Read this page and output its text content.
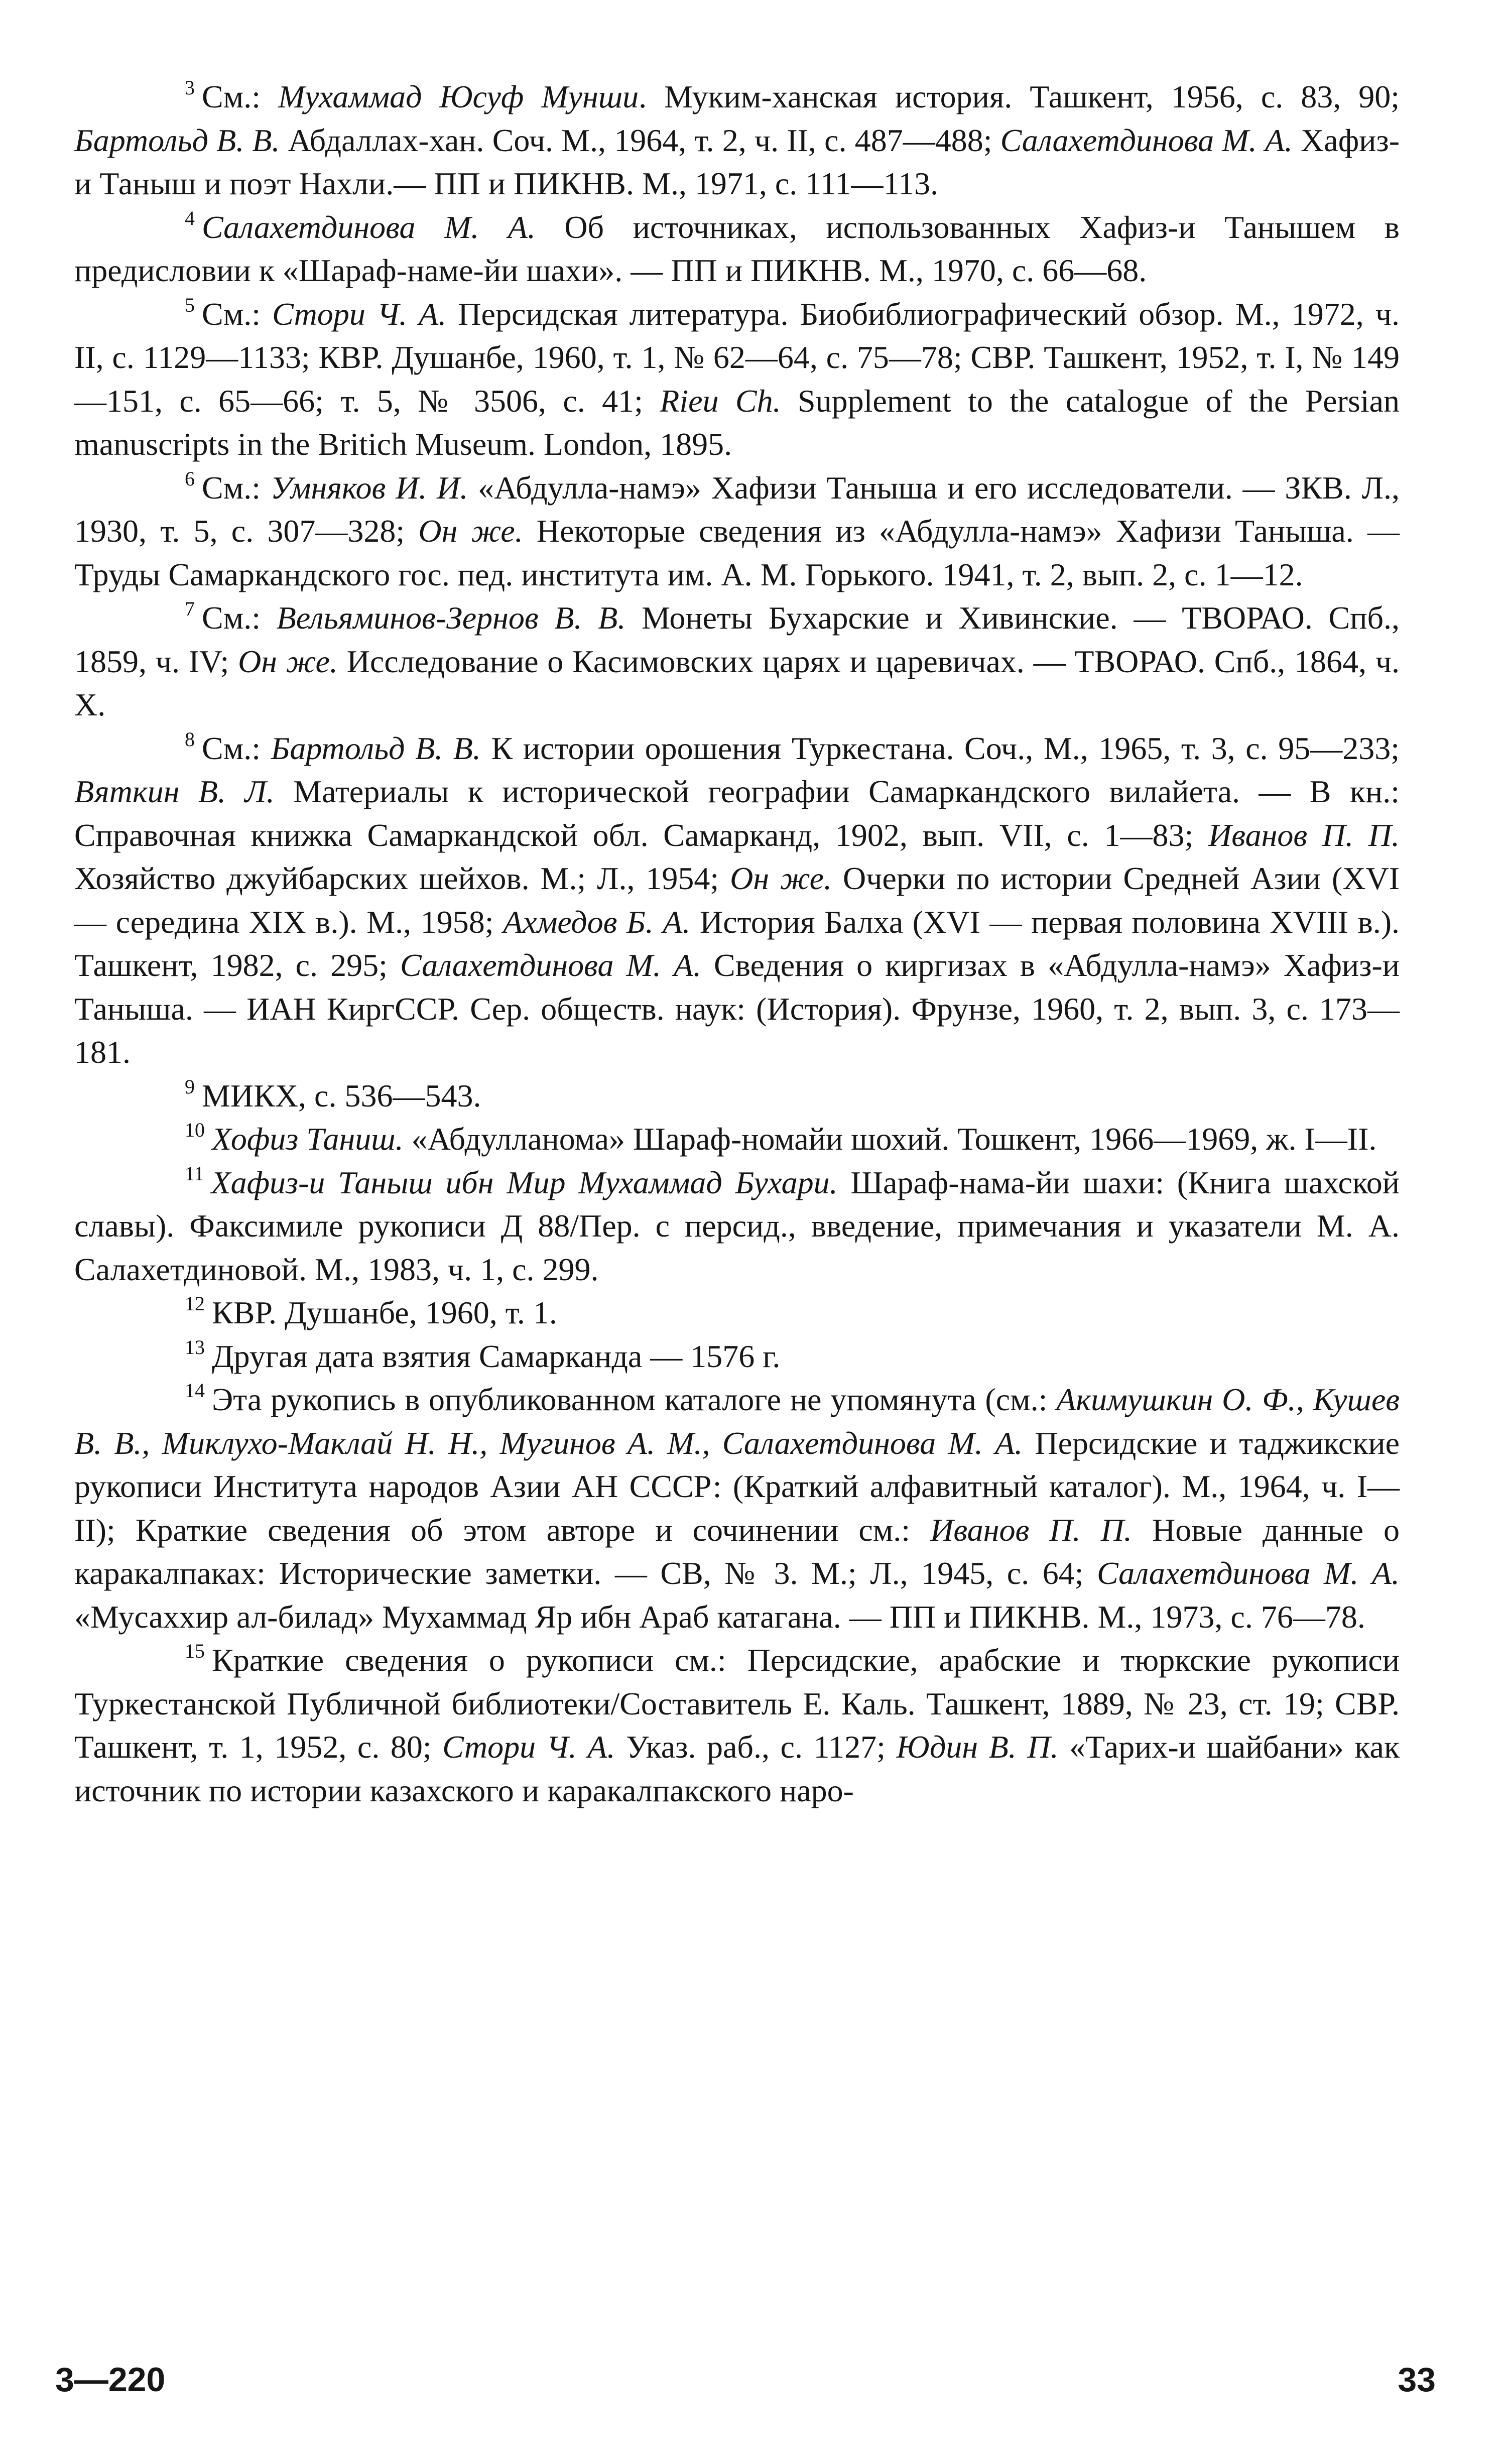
$^3$ См.: Мухаммад Юсуф Мунши. Муким-ханская история. Ташкент, 1956, с. 83, 90; Бартольд В. В. Абдаллах-хан. Соч. М., 1964, т. 2, ч. II, с. 487—488; Салахетдинова М. А. Хафиз-и Таныш и поэт Нахли.— ПП и ПИКНВ. М., 1971, с. 111—113.

$^4$ Салахетдинова М. А. Об источниках, использованных Хафиз-и Танышем в предисловии к «Шараф-наме-йи шахи». — ПП и ПИКНВ. М., 1970, с. 66—68.

$^5$ См.: Стори Ч. А. Персидская литература. Биобиблиографический обзор. М., 1972, ч. II, с. 1129—1133; КВР. Душанбе, 1960, т. 1, № 62—64, с. 75—78; СВР. Ташкент, 1952, т. I, № 149—151, с. 65—66; т. 5, № 3506, с. 41; Rieu Ch. Supplement to the catalogue of the Persian manuscripts in the Britich Museum. London, 1895.

$^6$ См.: Умняков И. И. «Абдулла-намэ» Хафизи Таныша и его исследователи. — ЗКВ. Л., 1930, т. 5, с. 307—328; Он же. Некоторые сведения из «Абдулла-намэ» Хафизи Таныша. — Труды Самаркандского гос. пед. института им. А. М. Горького. 1941, т. 2, вып. 2, с. 1—12.

$^7$ См.: Вельяминов-Зернов В. В. Монеты Бухарские и Хивинские. — ТВОРАО. Спб., 1859, ч. IV; Он же. Исследование о Касимовских царях и царевичах. — ТВОРАО. Спб., 1864, ч. X.

$^8$ См.: Бартольд В. В. К истории орошения Туркестана. Соч., М., 1965, т. 3, с. 95—233; Вяткин В. Л. Материалы к исторической географии Самаркандского вилайета. — В кн.: Справочная книжка Самаркандской обл. Самарканд, 1902, вып. VII, с. 1—83; Иванов П. П. Хозяйство джуйбарских шейхов. М.; Л., 1954; Он же. Очерки по истории Средней Азии (XVI — середина XIX в.). М., 1958; Ахмедов Б. А. История Балха (XVI — первая половина XVIII в.). Ташкент, 1982, с. 295; Салахетдинова М. А. Сведения о киргизах в «Абдулла-намэ» Хафиз-и Таныша. — ИАН КиргССР. Сер. обществ. наук: (История). Фрунзе, 1960, т. 2, вып. 3, с. 173—181.

$^9$ МИКХ, с. 536—543.

$^{10}$ Хофиз Таниш. «Абдулланома» Шараф-номайи шохий. Тошкент, 1966—1969, ж. I—II.

$^{11}$ Хафиз-и Таныш ибн Мир Мухаммад Бухари. Шараф-нама-йи шахи: (Книга шахской славы). Факсимиле рукописи Д 88/Пер. с персид., введение, примечания и указатели М. А. Салахетдиновой. М., 1983, ч. 1, с. 299.

$^{12}$ КВР. Душанбе, 1960, т. 1.

$^{13}$ Другая дата взятия Самарканда — 1576 г.

$^{14}$ Эта рукопись в опубликованном каталоге не упомянута (см.: Акимушкин О. Ф., Кушев В. В., Миклухо-Маклай Н. Н., Мугинов А. М., Салахетдинова М. А. Персидские и таджикские рукописи Института народов Азии АН СССР: (Краткий алфавитный каталог). М., 1964, ч. I—II); Краткие сведения об этом авторе и сочинении см.: Иванов П. П. Новые данные о каракалпаках: Исторические заметки. — СВ, № 3. М.; Л., 1945, с. 64; Салахетдинова М. А. «Мусаххир ал-билад» Мухаммад Яр ибн Араб катагана. — ПП и ПИКНВ. М., 1973, с. 76—78.

$^{15}$ Краткие сведения о рукописи см.: Персидские, арабские и тюркские рукописи Туркестанской Публичной библиотеки/Составитель Е. Каль. Ташкент, 1889, № 23, ст. 19; СВР. Ташкент, т. 1, 1952, с. 80; Стори Ч. А. Указ. раб., с. 1127; Юдин В. П. «Тарих-и шайбани» как источник по истории казахского и каракалпакского наро-

3—220	33
